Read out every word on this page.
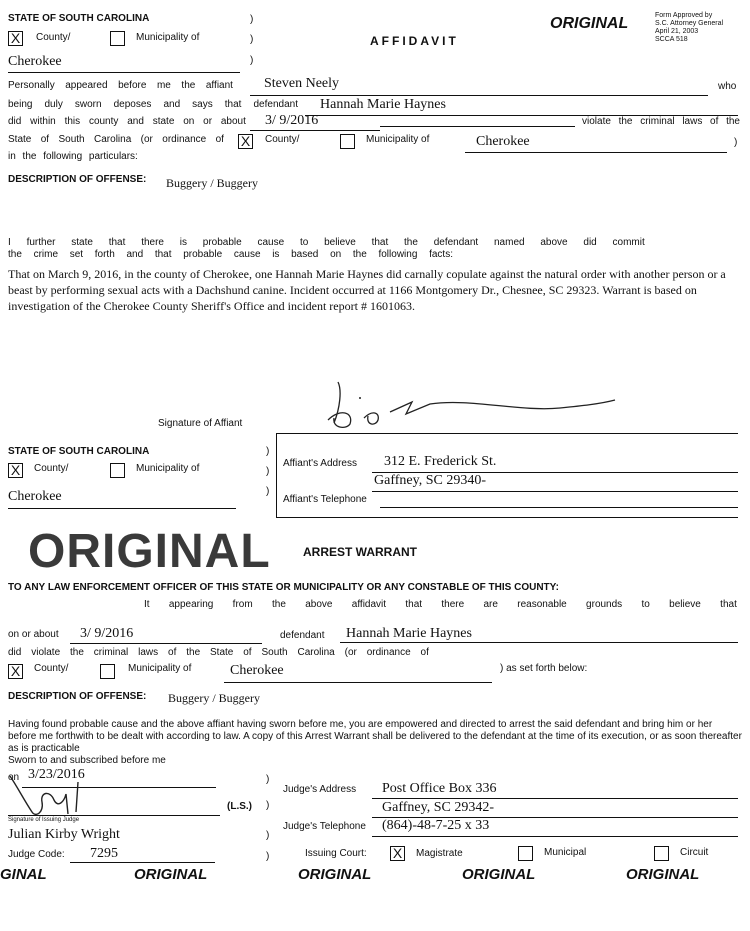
STATE OF SOUTH CAROLINA
X County/	Municipality of
Cherokee
)
)
)
AFFIDAVIT
ORIGINAL	Form Approved by
S.C. Attorney General
April 21, 2003
SCCA 518
Personally appeared before me the affiant Steven Neely	who
being duly sworn deposes and says that defendant Hannah Marie Haynes
did within this county and state on or about 3/ 9/2016	violate the criminal laws of the
State of South Carolina (or ordinance of X County/	Municipality of	Cherokee	)
in the following particulars:
DESCRIPTION OF OFFENSE: Buggery / Buggery
I further state that there is probable cause to believe that the defendant named above did commit
the crime set forth and that probable cause is based on the following facts:
That on March 9, 2016, in the county of Cherokee, one Hannah Marie Haynes did carnally copulate against the natural order with another person or a beast by performing sexual acts with a Dachshund canine. Incident occurred at 1166 Montgomery Dr., Chesnee, SC 29323. Warrant is based on investigation of the Cherokee County Sheriff's Office and incident report # 1601063.
Signature of Affiant
STATE OF SOUTH CAROLINA
X County/	Municipality of
Cherokee
)
)
)
Affiant's Address 312 E. Frederick St.
Gaffney, SC 29340-
Affiant's Telephone
ORIGINAL	ARREST WARRANT
TO ANY LAW ENFORCEMENT OFFICER OF THIS STATE OR MUNICIPALITY OR ANY CONSTABLE OF THIS COUNTY:
It appearing from the above affidavit that there are reasonable grounds to believe that
on or about 3/ 9/2016	defendant Hannah Marie Haynes
did violate the criminal laws of the State of South Carolina (or ordinance of
X County/	Municipality of	Cherokee	) as set forth below:
DESCRIPTION OF OFFENSE: Buggery / Buggery
Having found probable cause and the above affiant having sworn before me, you are empowered and directed to arrest the said defendant and bring him or her before me forthwith to be dealt with according to law. A copy of this Arrest Warrant shall be delivered to the defendant at the time of its execution, or as soon thereafter as is practicable
Sworn to and subscribed before me
on 3/23/2016
(L.S.)
Signature of Issuing Judge
Julian Kirby Wright
Judge Code: 7295
)
)
)
)
Judge's Address Post Office Box 336
Gaffney, SC 29342-
Judge's Telephone (864)-48-7-25 x 33
Issuing Court: X Magistrate	Municipal	Circuit
GINAL	ORIGINAL	ORIGINAL	ORIGINAL	ORIGINAL
